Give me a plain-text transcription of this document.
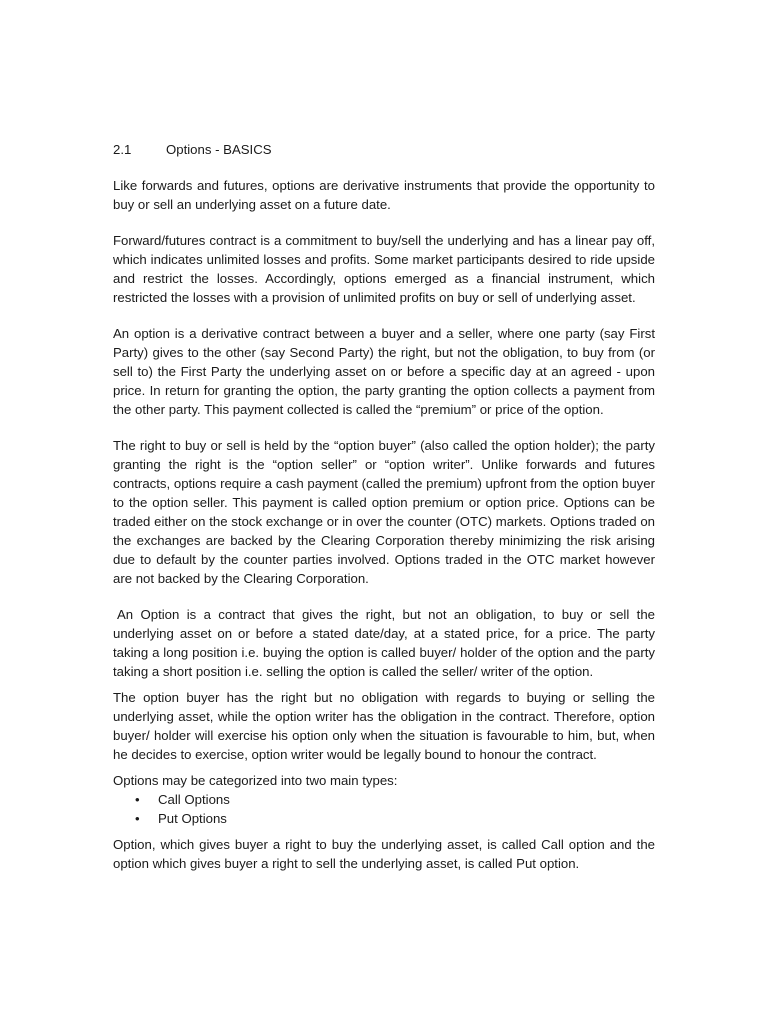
2.1	Options - BASICS

Like forwards and futures, options are derivative instruments that provide the opportunity to buy or sell an underlying asset on a future date.

Forward/futures contract is a commitment to buy/sell the underlying and has a linear pay off, which indicates unlimited losses and profits. Some market participants desired to ride upside and restrict the losses. Accordingly, options emerged as a financial instrument, which restricted the losses with a provision of unlimited profits on buy or sell of underlying asset.

An option is a derivative contract between a buyer and a seller, where one party (say First Party) gives to the other (say Second Party) the right, but not the obligation, to buy from (or sell to) the First Party the underlying asset on or before a specific day at an agreed - upon price. In return for granting the option, the party granting the option collects a payment from the other party. This payment collected is called the “premium” or price of the option.

The right to buy or sell is held by the “option buyer” (also called the option holder); the party granting the right is the “option seller” or “option writer”. Unlike forwards and futures contracts, options require a cash payment (called the premium) upfront from the option buyer to the option seller. This payment is called option premium or option price. Options can be traded either on the stock exchange or in over the counter (OTC) markets. Options traded on the exchanges are backed by the Clearing Corporation thereby minimizing the risk arising due to default by the counter parties involved. Options traded in the OTC market however are not backed by the Clearing Corporation.

An Option is a contract that gives the right, but not an obligation, to buy or sell the underlying asset on or before a stated date/day, at a stated price, for a price. The party taking a long position i.e. buying the option is called buyer/ holder of the option and the party taking a short position i.e. selling the option is called the seller/ writer of the option.

The option buyer has the right but no obligation with regards to buying or selling the underlying asset, while the option writer has the obligation in the contract. Therefore, option buyer/ holder will exercise his option only when the situation is favourable to him, but, when he decides to exercise, option writer would be legally bound to honour the contract.

Options may be categorized into two main types:

•	Call Options
•	Put Options

Option, which gives buyer a right to buy the underlying asset, is called Call option and the option which gives buyer a right to sell the underlying asset, is called Put option.
